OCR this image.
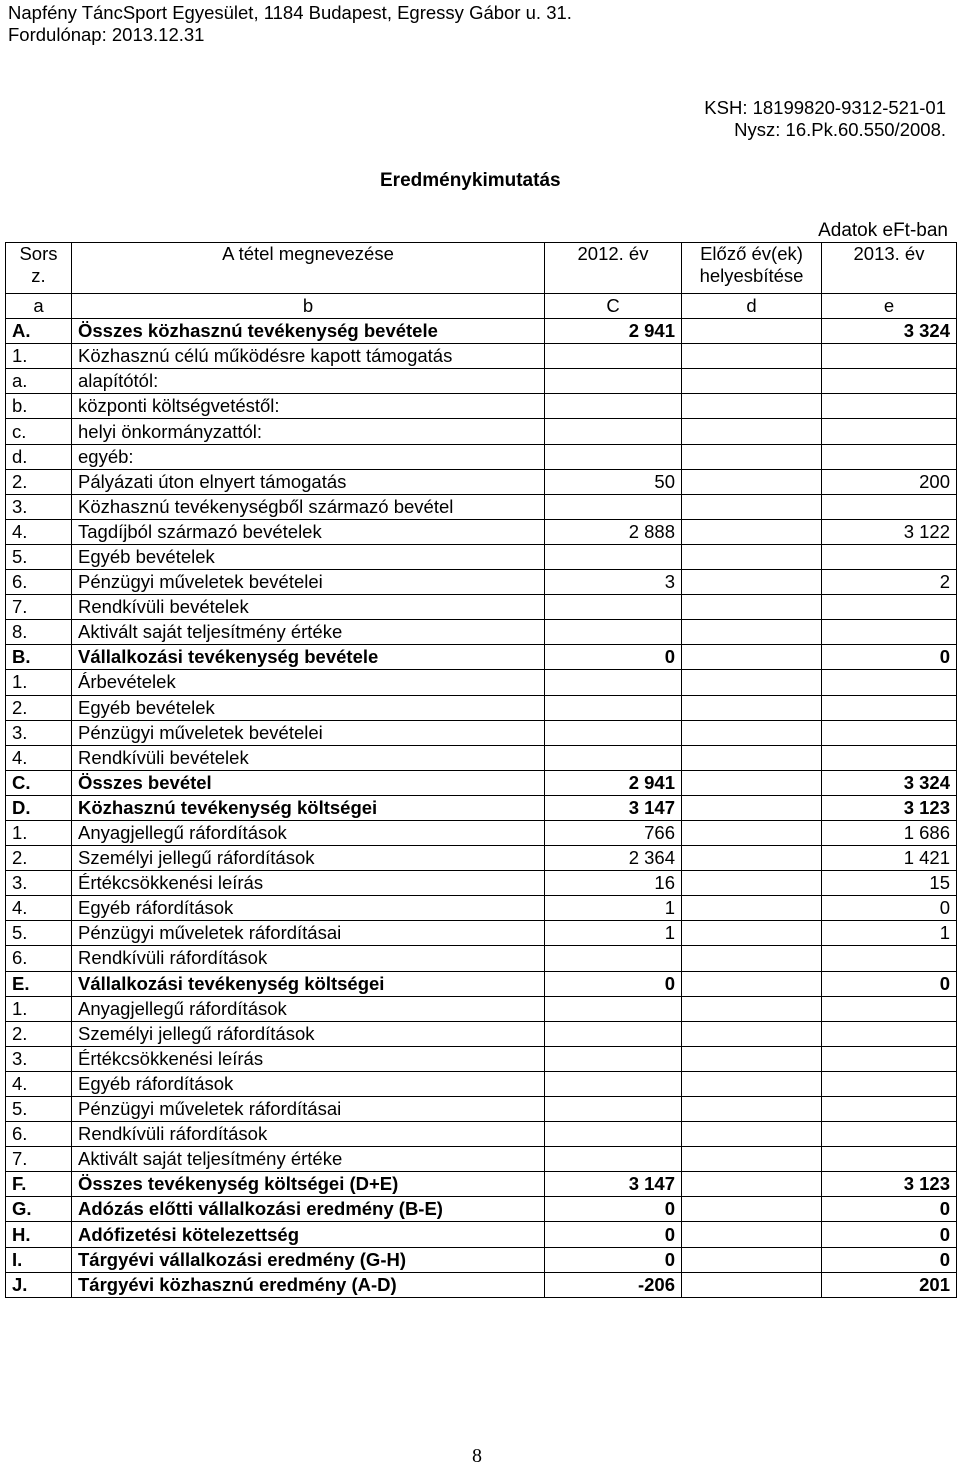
Napfény TáncSport Egyesület, 1184 Budapest, Egressy Gábor u. 31.
Fordulónap: 2013.12.31
KSH: 18199820-9312-521-01
Nysz: 16.Pk.60.550/2008.
Eredménykimutatás
Adatok eFt-ban
Sors z.	A tétel megnevezése	2012. év	Előző év(ek) helyesbítése	2013. év
a	b	C	d	e
A.	Összes közhasznú tevékenység bevétele	2 941		3 324
1.	Közhasznú célú működésre kapott támogatás			
a.	alapítótól:			
b.	központi költségvetéstől:			
c.	helyi önkormányzattól:			
d.	egyéb:			
2.	Pályázati úton elnyert támogatás	50		200
3.	Közhasznú tevékenységből származó bevétel			
4.	Tagdíjból származó bevételek	2 888		3 122
5.	Egyéb bevételek			
6.	Pénzügyi műveletek bevételei	3		2
7.	Rendkívüli bevételek			
8.	Aktivált saját teljesítmény értéke			
B.	Vállalkozási tevékenység bevétele	0		0
1.	Árbevételek			
2.	Egyéb bevételek			
3.	Pénzügyi műveletek bevételei			
4.	Rendkívüli bevételek			
C.	Összes bevétel	2 941		3 324
D.	Közhasznú tevékenység költségei	3 147		3 123
1.	Anyagjellegű ráfordítások	766		1 686
2.	Személyi jellegű ráfordítások	2 364		1 421
3.	Értékcsökkenési leírás	16		15
4.	Egyéb ráfordítások	1		0
5.	Pénzügyi műveletek ráfordításai	1		1
6.	Rendkívüli ráfordítások			
E.	Vállalkozási tevékenység költségei	0		0
1.	Anyagjellegű ráfordítások			
2.	Személyi jellegű ráfordítások			
3.	Értékcsökkenési leírás			
4.	Egyéb ráfordítások			
5.	Pénzügyi műveletek ráfordításai			
6.	Rendkívüli ráfordítások			
7.	Aktivált saját teljesítmény értéke			
F.	Összes tevékenység költségei (D+E)	3 147		3 123
G.	Adózás előtti vállalkozási eredmény (B-E)	0		0
H.	Adófizetési kötelezettség	0		0
I.	Tárgyévi vállalkozási eredmény (G-H)	0		0
J.	Tárgyévi közhasznú eredmény (A-D)	-206		201
8
